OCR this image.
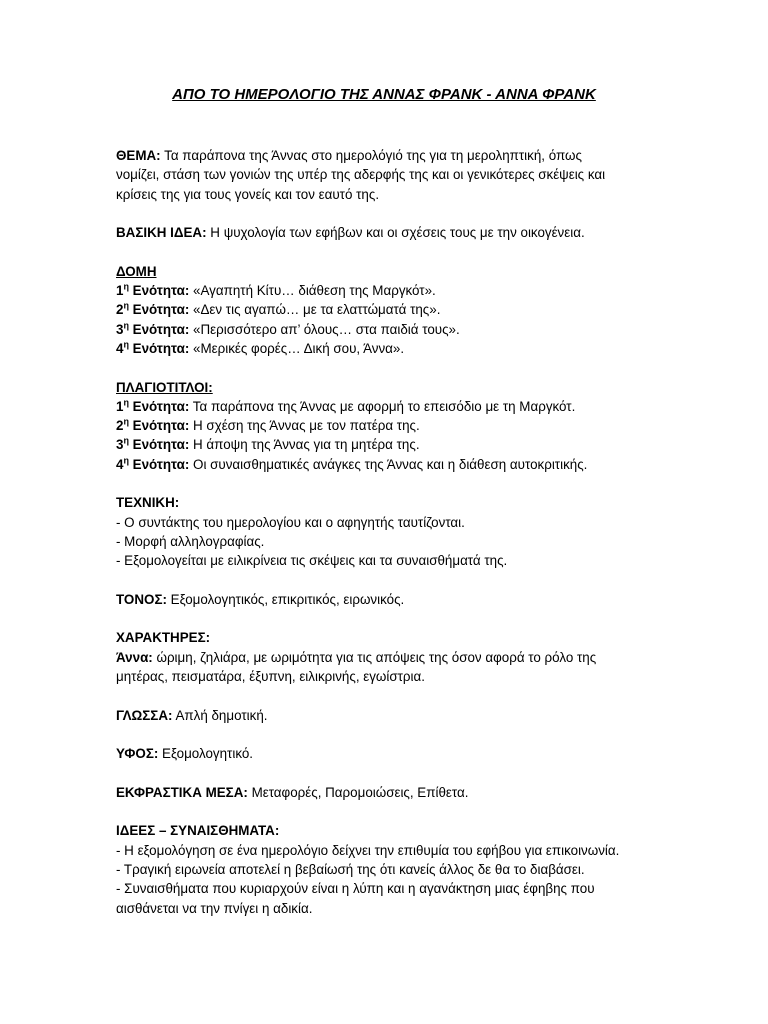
ΑΠΟ ΤΟ ΗΜΕΡΟΛΟΓΙΟ ΤΗΣ ΑΝΝΑΣ ΦΡΑΝΚ - ΑΝΝΑ ΦΡΑΝΚ
ΘΕΜΑ: Τα παράπονα της Άννας στο ημερολόγιό της για τη μεροληπτική, όπως
νομίζει, στάση των γονιών της υπέρ της αδερφής της και οι γενικότερες σκέψεις και
κρίσεις της για τους γονείς και τον εαυτό της.
ΒΑΣΙΚΗ ΙΔΕΑ: Η ψυχολογία των εφήβων και οι σχέσεις τους με την οικογένεια.
ΔΟΜΗ
$1^\eta$ Ενότητα: «Αγαπητή Κίτυ… διάθεση της Μαργκότ».
$2^\eta$ Ενότητα: «Δεν τις αγαπώ… με τα ελαττώματά της».
$3^\eta$ Ενότητα: «Περισσότερο απ’ όλους… στα παιδιά τους».
$4^\eta$ Ενότητα: «Μερικές φορές… Δική σου, Άννα».
ΠΛΑΓΙΟΤΙΤΛΟΙ:
$1^\eta$ Ενότητα: Τα παράπονα της Άννας με αφορμή το επεισόδιο με τη Μαργκότ.
$2^\eta$ Ενότητα: Η σχέση της Άννας με τον πατέρα της.
$3^\eta$ Ενότητα: Η άποψη της Άννας για τη μητέρα της.
$4^\eta$ Ενότητα: Οι συναισθηματικές ανάγκες της Άννας και η διάθεση αυτοκριτικής.
ΤΕΧΝΙΚΗ:
- Ο συντάκτης του ημερολογίου και ο αφηγητής ταυτίζονται.
- Μορφή αλληλογραφίας.
- Εξομολογείται με ειλικρίνεια τις σκέψεις και τα συναισθήματά της.
ΤΟΝΟΣ: Εξομολογητικός, επικριτικός, ειρωνικός.
ΧΑΡΑΚΤΗΡΕΣ:
Άννα: ώριμη, ζηλιάρα, με ωριμότητα για τις απόψεις της όσον αφορά το ρόλο της
μητέρας, πεισματάρα, έξυπνη, ειλικρινής, εγωίστρια.
ΓΛΩΣΣΑ: Απλή δημοτική.
ΥΦΟΣ: Εξομολογητικό.
ΕΚΦΡΑΣΤΙΚΑ ΜΕΣΑ: Μεταφορές, Παρομοιώσεις, Επίθετα.
ΙΔΕΕΣ – ΣΥΝΑΙΣΘΗΜΑΤΑ:
- Η εξομολόγηση σε ένα ημερολόγιο δείχνει την επιθυμία του εφήβου για επικοινωνία.
- Τραγική ειρωνεία αποτελεί η βεβαίωσή της ότι κανείς άλλος δε θα το διαβάσει.
- Συναισθήματα που κυριαρχούν είναι η λύπη και η αγανάκτηση μιας έφηβης που
αισθάνεται να την πνίγει η αδικία.
